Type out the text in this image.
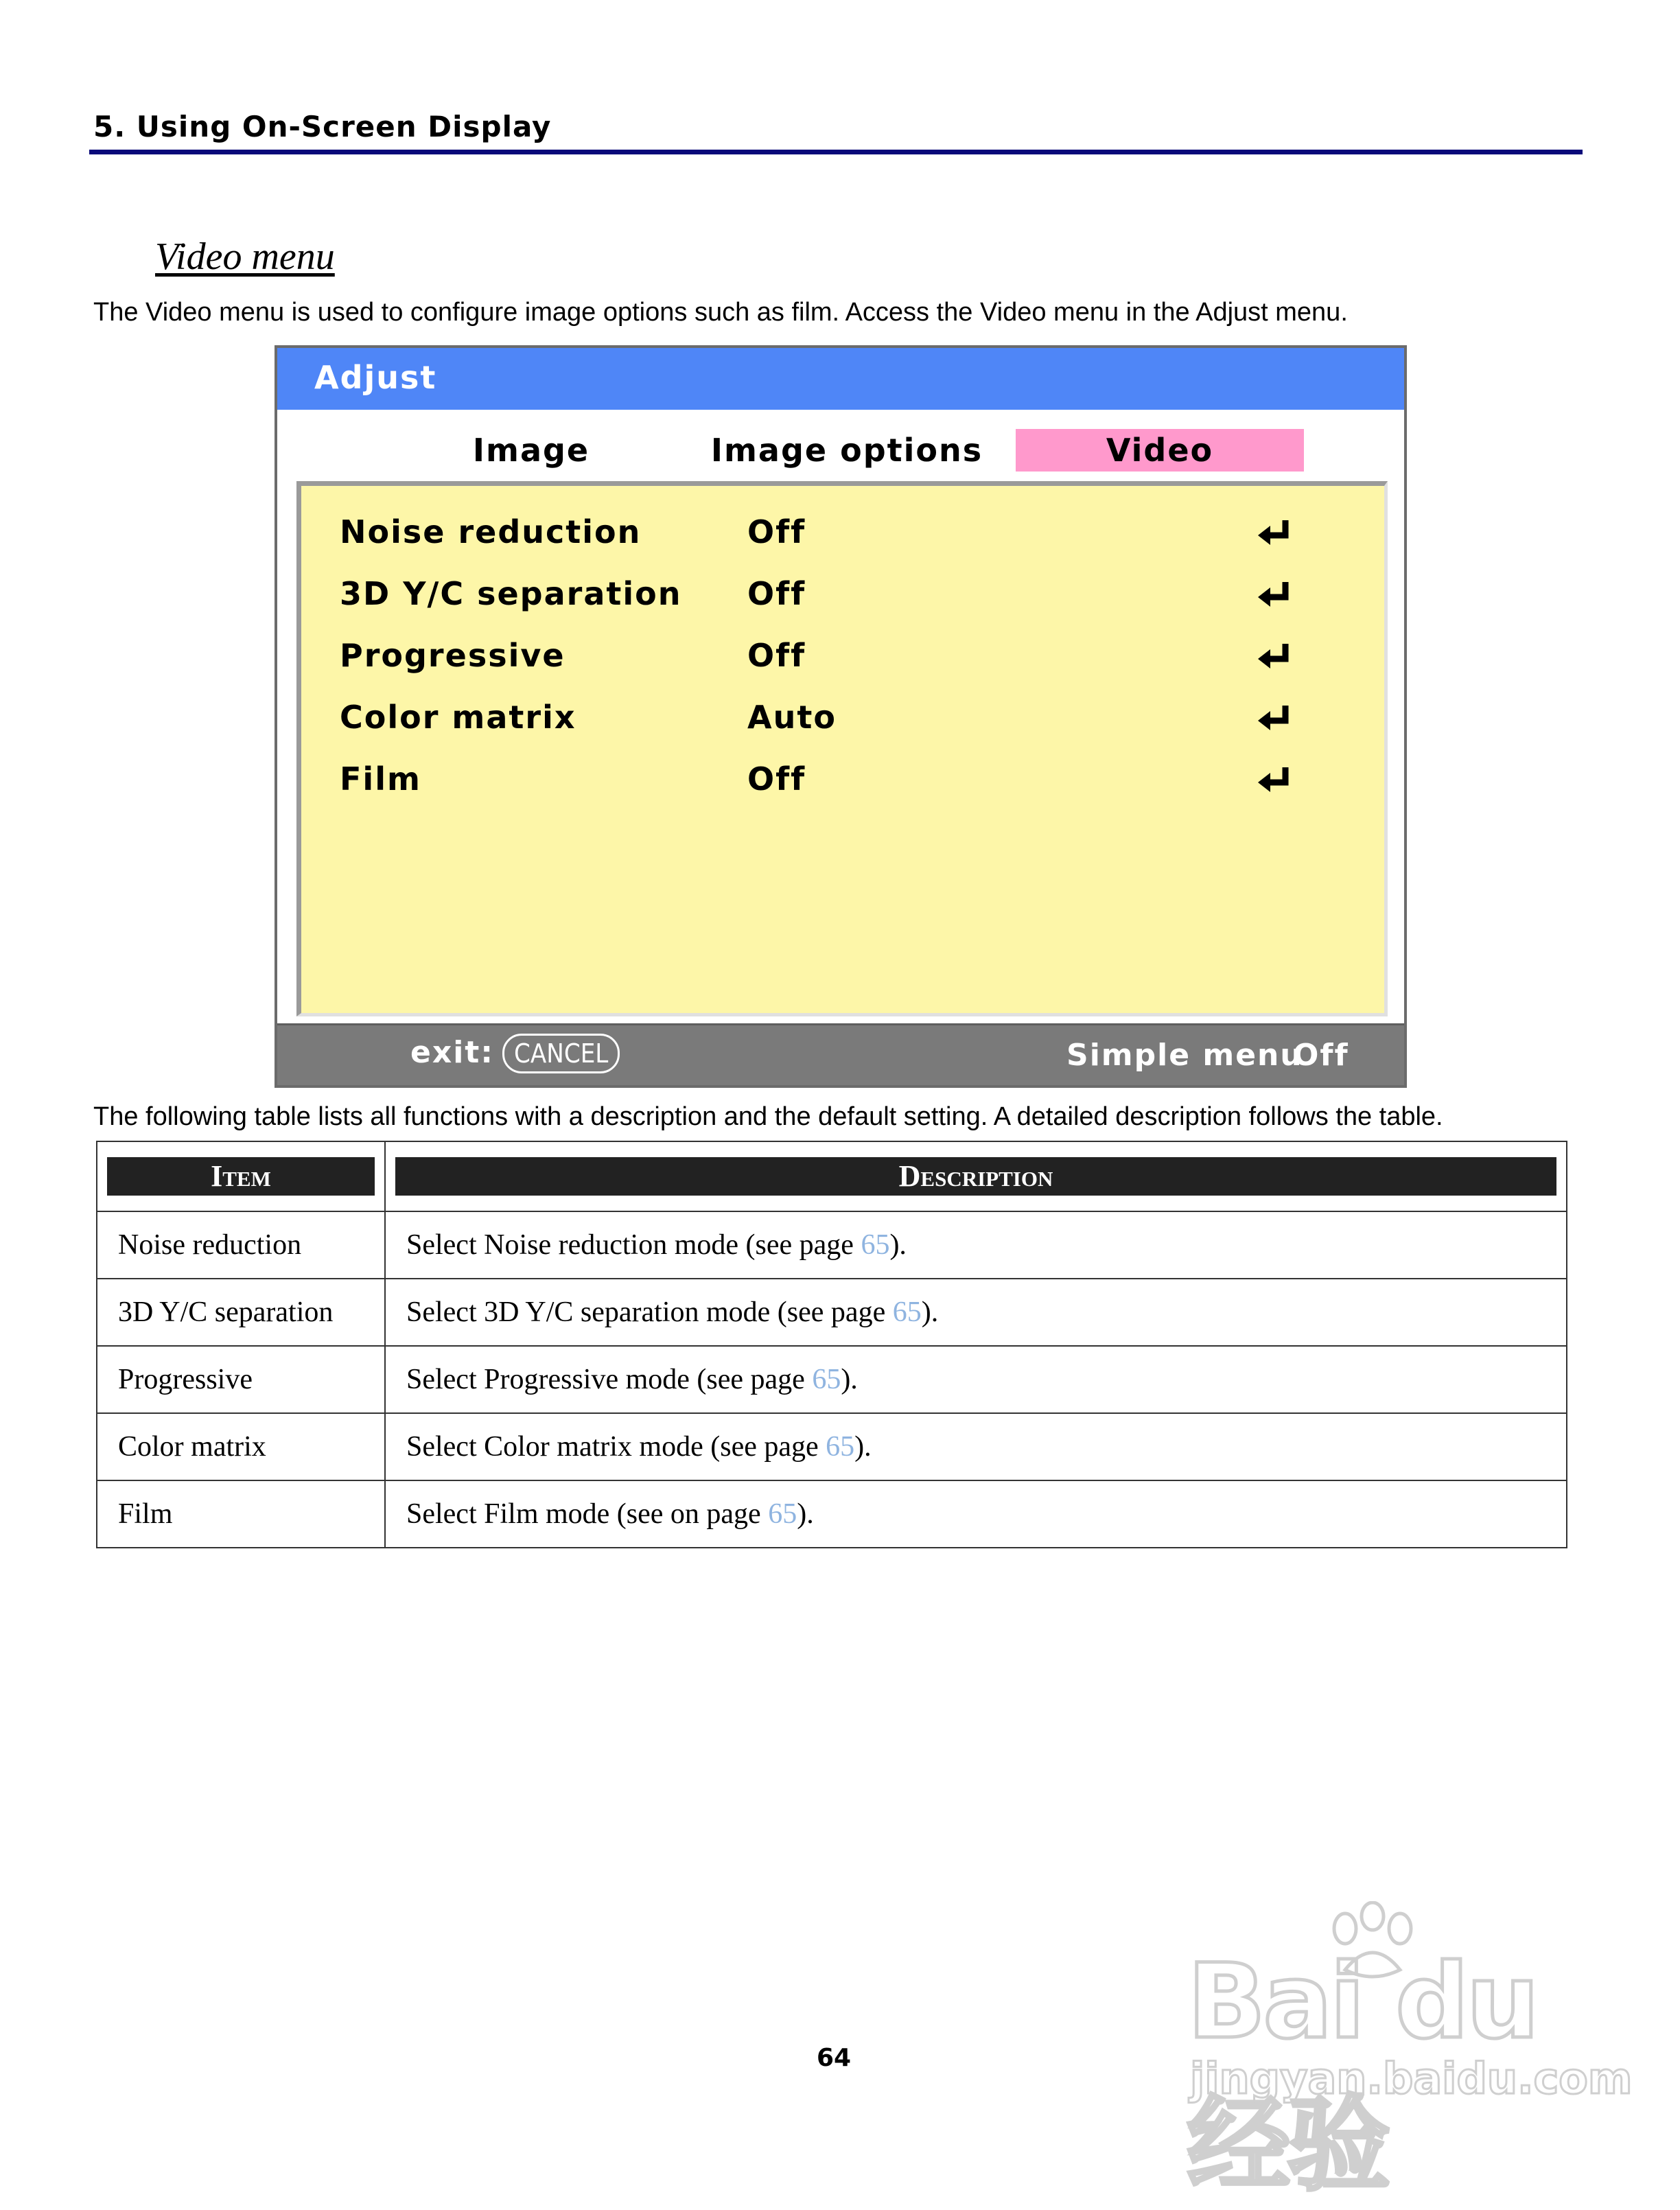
5. Using On-Screen Display
Video menu
The Video menu is used to configure image options such as film. Access the Video menu in the Adjust menu.
Adjust
Image	Image options	Video
Noise reduction	Off
3D Y/C separation Off
Progressive	Off
Color matrix	Auto
Film	Off
exit: CANCEL	Simple menu
Off
The following table lists all functions with a description and the default setting. A detailed description follows the table.
Item	Description

Noise reduction	Select Noise reduction mode (see page 65).
3D Y/C separation	Select 3D Y/C separation mode (see page 65).
Progressive	Select Progressive mode (see page 65).
Color matrix	Select Color matrix mode (see page 65).
Film	Select Film mode (see on page 65).
Bai du 经验
jingyan.baidu.com
64
